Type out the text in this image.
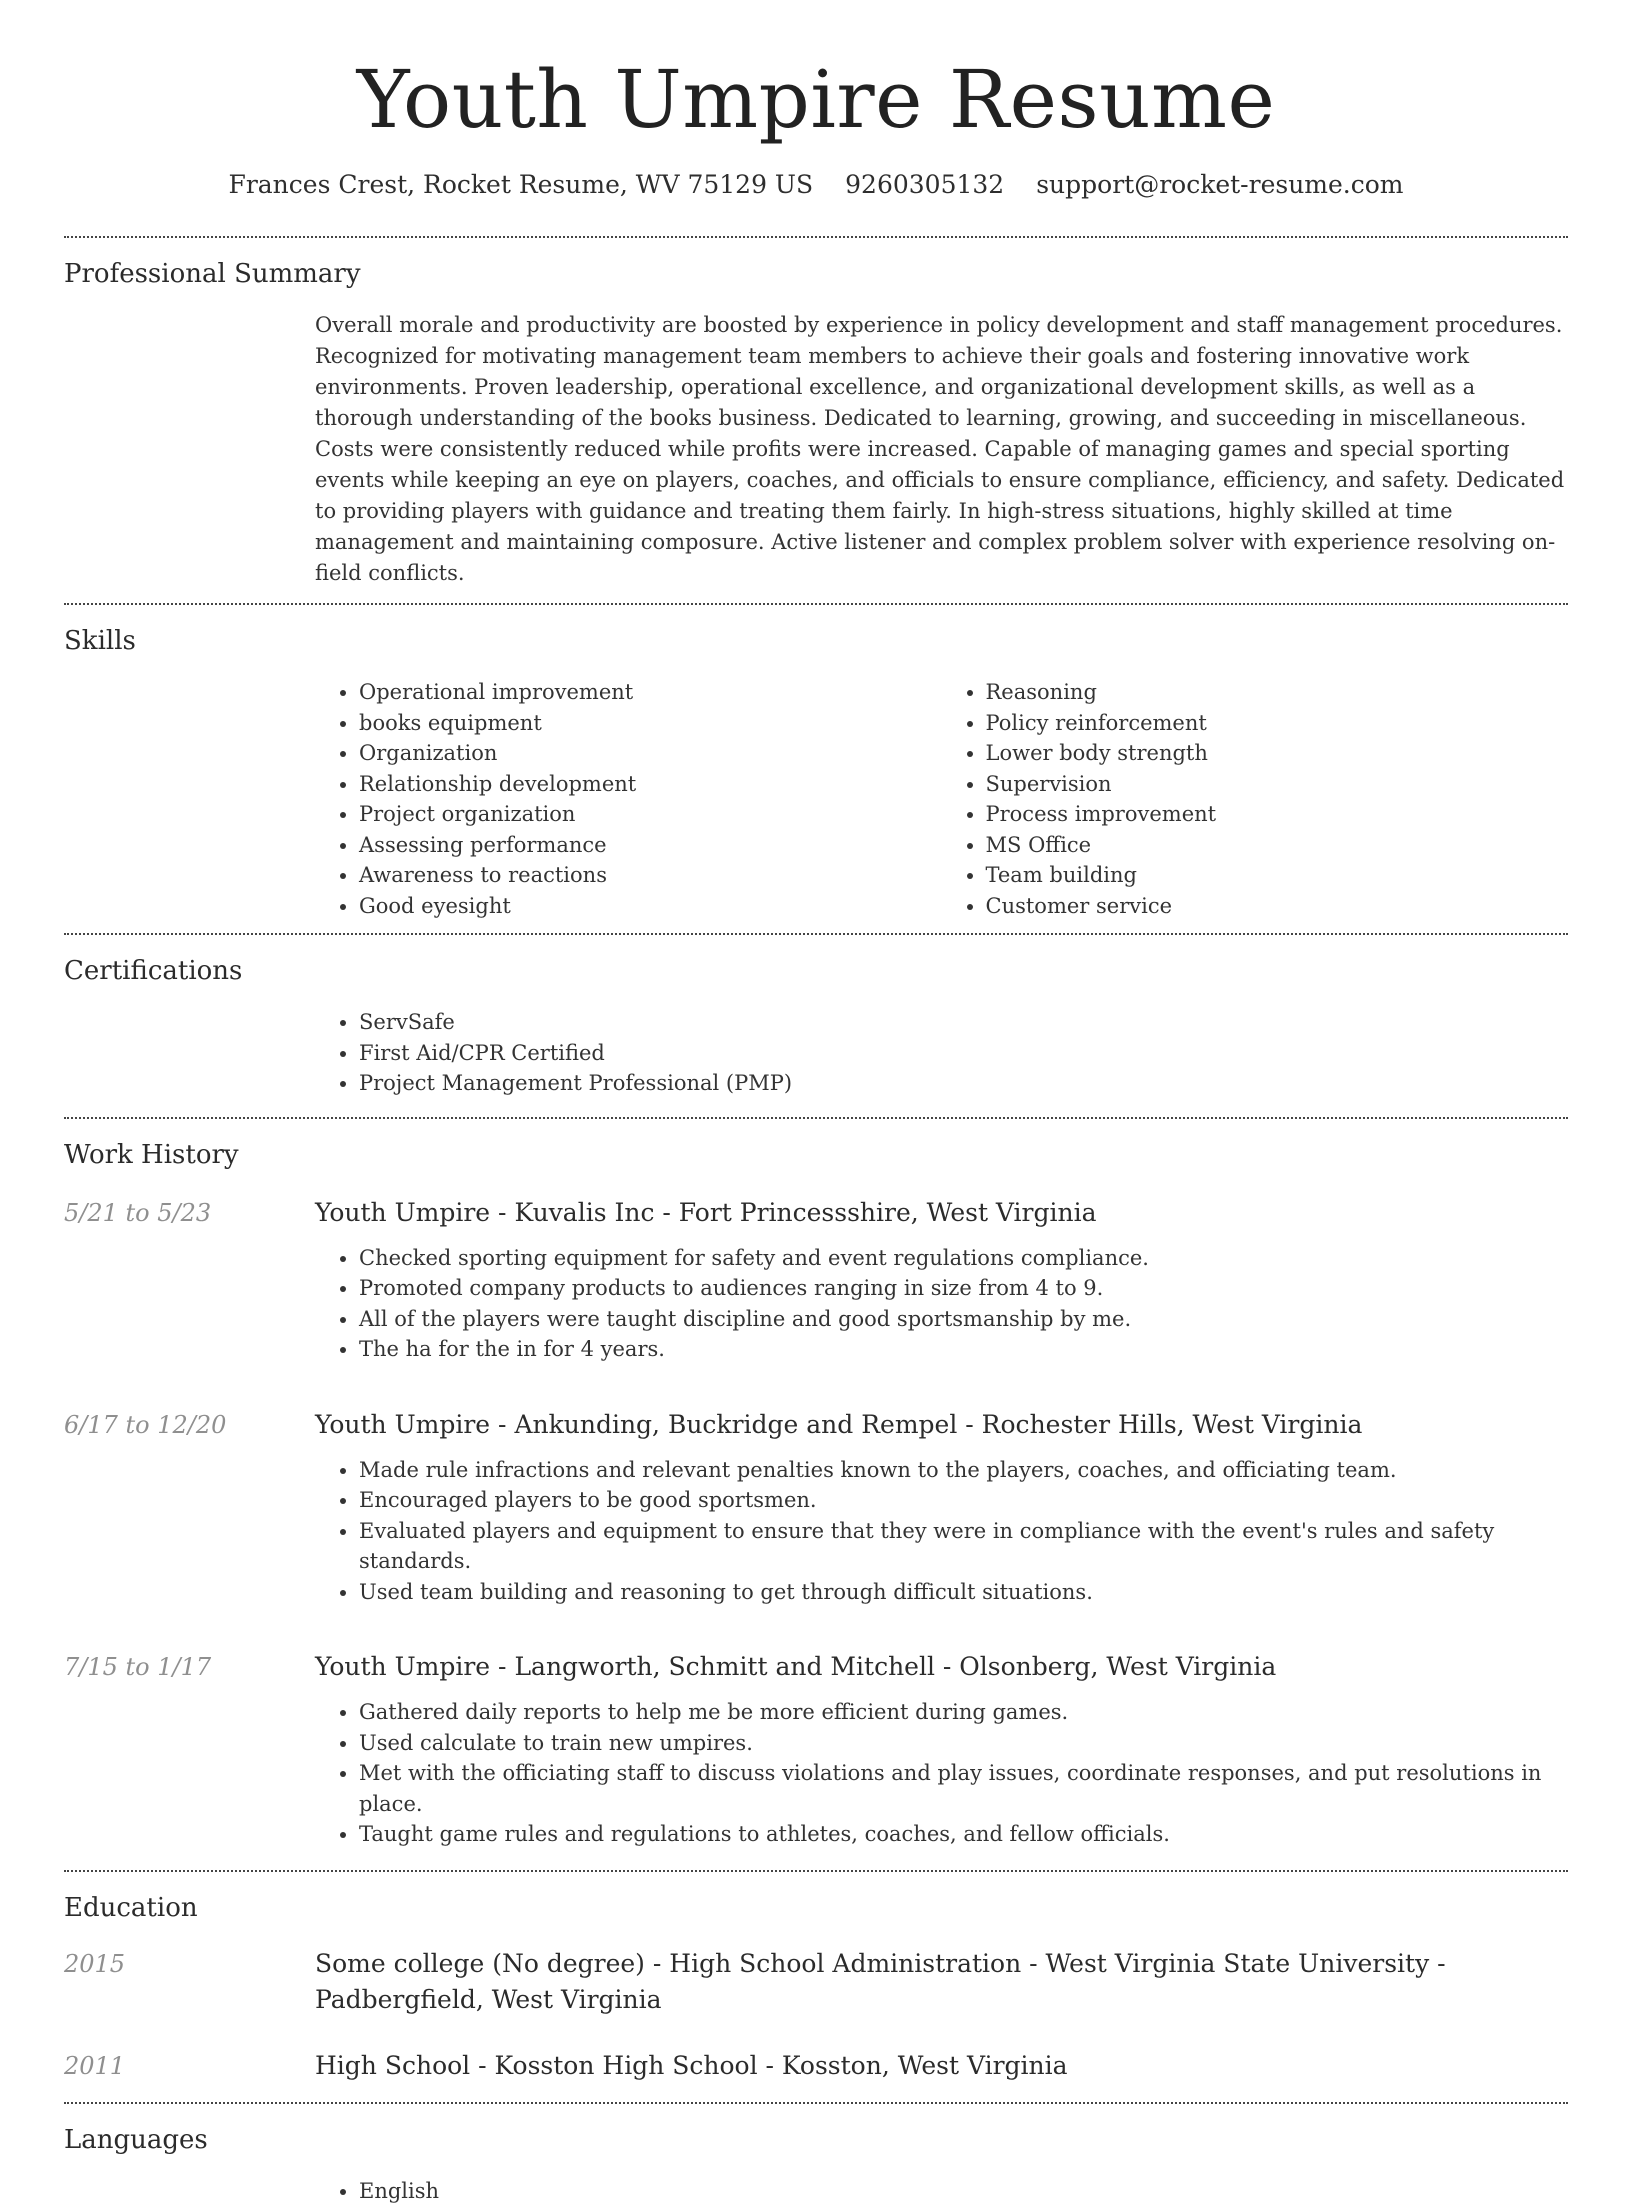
Youth Umpire Resume
Frances Crest, Rocket Resume, WV 75129 US 9260305132 support@rocket-resume.com
Professional Summary

Overall morale and productivity are boosted by experience in policy development and staff management procedures. Recognized for motivating management team members to achieve their goals and fostering innovative work environments. Proven leadership, operational excellence, and organizational development skills, as well as a thorough understanding of the books business. Dedicated to learning, growing, and succeeding in miscellaneous. Costs were consistently reduced while profits were increased. Capable of managing games and special sporting events while keeping an eye on players, coaches, and officials to ensure compliance, efficiency, and safety. Dedicated to providing players with guidance and treating them fairly. In high-stress situations, highly skilled at time management and maintaining composure. Active listener and complex problem solver with experience resolving on-field conflicts.

Skills
• Operational improvement
• books equipment
• Organization
• Relationship development
• Project organization
• Assessing performance
• Awareness to reactions
• Good eyesight
• Reasoning
• Policy reinforcement
• Lower body strength
• Supervision
• Process improvement
• MS Office
• Team building
• Customer service
Certifications
• ServSafe
• First Aid/CPR Certified
• Project Management Professional (PMP)
Work History
5/21 to 5/23	Youth Umpire - Kuvalis Inc - Fort Princessshire, West Virginia
• Checked sporting equipment for safety and event regulations compliance.
• Promoted company products to audiences ranging in size from 4 to 9.
• All of the players were taught discipline and good sportsmanship by me.
• The ha for the in for 4 years.
6/17 to 12/20	Youth Umpire - Ankunding, Buckridge and Rempel - Rochester Hills, West Virginia
• Made rule infractions and relevant penalties known to the players, coaches, and officiating team.
• Encouraged players to be good sportsmen.
• Evaluated players and equipment to ensure that they were in compliance with the event's rules and safety standards.
• Used team building and reasoning to get through difficult situations.
7/15 to 1/17	Youth Umpire - Langworth, Schmitt and Mitchell - Olsonberg, West Virginia
• Gathered daily reports to help me be more efficient during games.
• Used calculate to train new umpires.
• Met with the officiating staff to discuss violations and play issues, coordinate responses, and put resolutions in place.
• Taught game rules and regulations to athletes, coaches, and fellow officials.
Education
2015	Some college (No degree) - High School Administration - West Virginia State University - Padbergfield, West Virginia
2011	High School - Kosston High School - Kosston, West Virginia
Languages
• English
